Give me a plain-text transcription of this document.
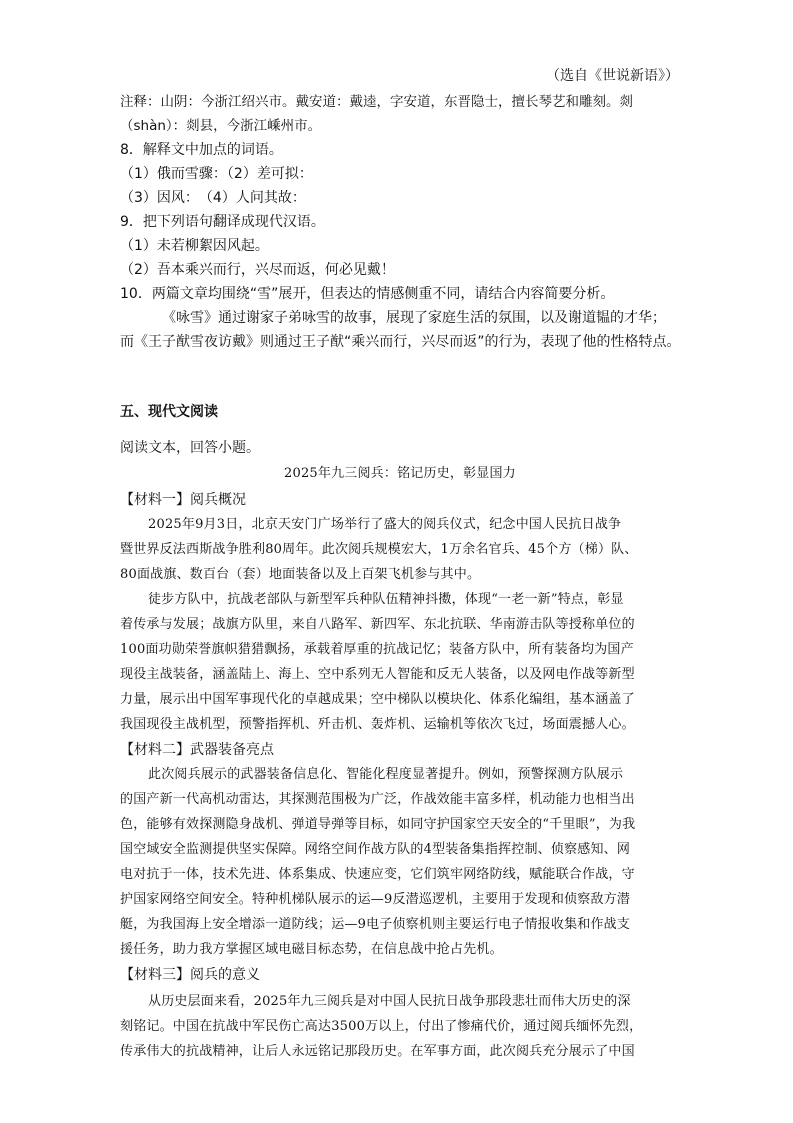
（选自《世说新语》）
注释：山阴：今浙江绍兴市。戴安道：戴逵，字安道，东晋隐士，擅长琴艺和雕刻。剡
（shàn）：剡县，今浙江嵊州市。
8．解释文中加点的词语。
（1）俄而雪骤：（2）差可拟：
（3）因风：　（4）人问其故：
9．把下列语句翻译成现代汉语。
（1）未若柳絮因风起。
（2）吾本乘兴而行，兴尽而返，何必见戴！
10．两篇文章均围绕“雪”展开，但表达的情感侧重不同，请结合内容简要分析。
《咏雪》通过谢家子弟咏雪的故事，展现了家庭生活的氛围，以及谢道韫的才华；
而《王子猷雪夜访戴》则通过王子猷“乘兴而行，兴尽而返”的行为，表现了他的性格特点。
五、现代文阅读
阅读文本，回答小题。
2025年九三阅兵：铭记历史，彰显国力
【材料一】阅兵概况
2025年9月3日，北京天安门广场举行了盛大的阅兵仪式，纪念中国人民抗日战争
暨世界反法西斯战争胜利80周年。此次阅兵规模宏大，1万余名官兵、45个方（梯）队、
80面战旗、数百台（套）地面装备以及上百架飞机参与其中。
徒步方队中，抗战老部队与新型军兵种队伍精神抖擞，体现“一老一新”特点，彰显
着传承与发展；战旗方队里，来自八路军、新四军、东北抗联、华南游击队等授称单位的
100面功勋荣誉旗帜猎猎飘扬，承载着厚重的抗战记忆；装备方队中，所有装备均为国产
现役主战装备，涵盖陆上、海上、空中系列无人智能和反无人装备，以及网电作战等新型
力量，展示出中国军事现代化的卓越成果；空中梯队以模块化、体系化编组，基本涵盖了
我国现役主战机型，预警指挥机、歼击机、轰炸机、运输机等依次飞过，场面震撼人心。
【材料二】武器装备亮点
此次阅兵展示的武器装备信息化、智能化程度显著提升。例如，预警探测方队展示
的国产新一代高机动雷达，其探测范围极为广泛，作战效能丰富多样，机动能力也相当出
色，能够有效探测隐身战机、弹道导弹等目标，如同守护国家空天安全的“千里眼”，为我
国空域安全监测提供坚实保障。网络空间作战方队的4型装备集指挥控制、侦察感知、网
电对抗于一体，技术先进、体系集成、快速应变，它们筑牢网络防线，赋能联合作战，守
护国家网络空间安全。特种机梯队展示的运—9反潜巡逻机，主要用于发现和侦察敌方潜
艇，为我国海上安全增添一道防线；运—9电子侦察机则主要运行电子情报收集和作战支
援任务，助力我方掌握区域电磁目标态势，在信息战中抢占先机。
【材料三】阅兵的意义
从历史层面来看，2025年九三阅兵是对中国人民抗日战争那段悲壮而伟大历史的深
刻铭记。中国在抗战中军民伤亡高达3500万以上，付出了惨痛代价，通过阅兵缅怀先烈，
传承伟大的抗战精神，让后人永远铭记那段历史。在军事方面，此次阅兵充分展示了中国
